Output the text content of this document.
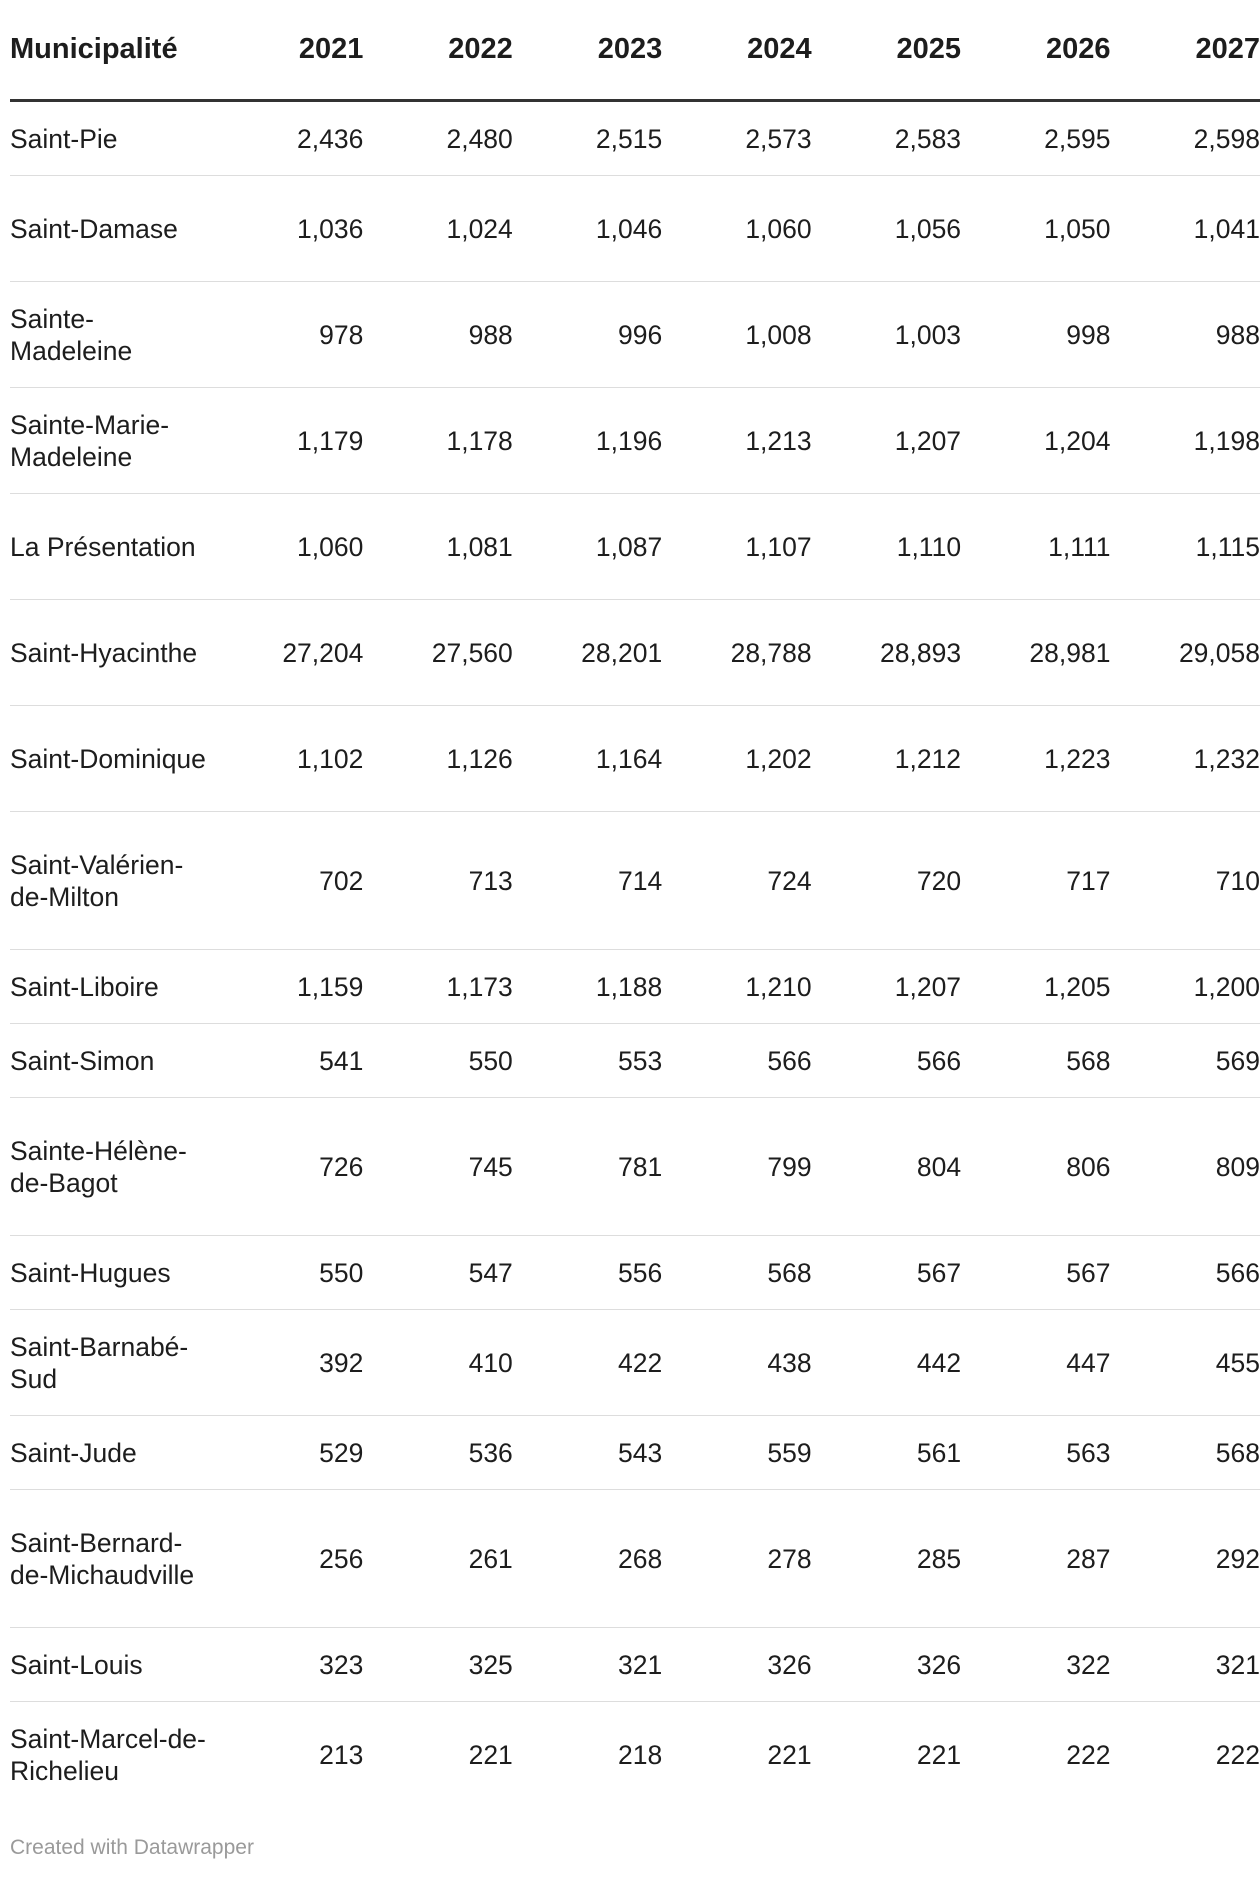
Municipalité	2021	2022	2023	2024	2025	2026	2027
Saint-Pie	2,436	2,480	2,515	2,573	2,583	2,595	2,598
Saint-Damase	1,036	1,024	1,046	1,060	1,056	1,050	1,041
Sainte-Madeleine	978	988	996	1,008	1,003	998	988
Sainte-Marie-Madeleine	1,179	1,178	1,196	1,213	1,207	1,204	1,198
La Présentation	1,060	1,081	1,087	1,107	1,110	1,111	1,115
Saint-Hyacinthe	27,204	27,560	28,201	28,788	28,893	28,981	29,058
Saint-Dominique	1,102	1,126	1,164	1,202	1,212	1,223	1,232
Saint-Valérien-de-Milton	702	713	714	724	720	717	710
Saint-Liboire	1,159	1,173	1,188	1,210	1,207	1,205	1,200
Saint-Simon	541	550	553	566	566	568	569
Sainte-Hélène-de-Bagot	726	745	781	799	804	806	809
Saint-Hugues	550	547	556	568	567	567	566
Saint-Barnabé-Sud	392	410	422	438	442	447	455
Saint-Jude	529	536	543	559	561	563	568
Saint-Bernard-de-Michaudville	256	261	268	278	285	287	292
Saint-Louis	323	325	321	326	326	322	321
Saint-Marcel-de-Richelieu	213	221	218	221	221	222	222
Created with Datawrapper
